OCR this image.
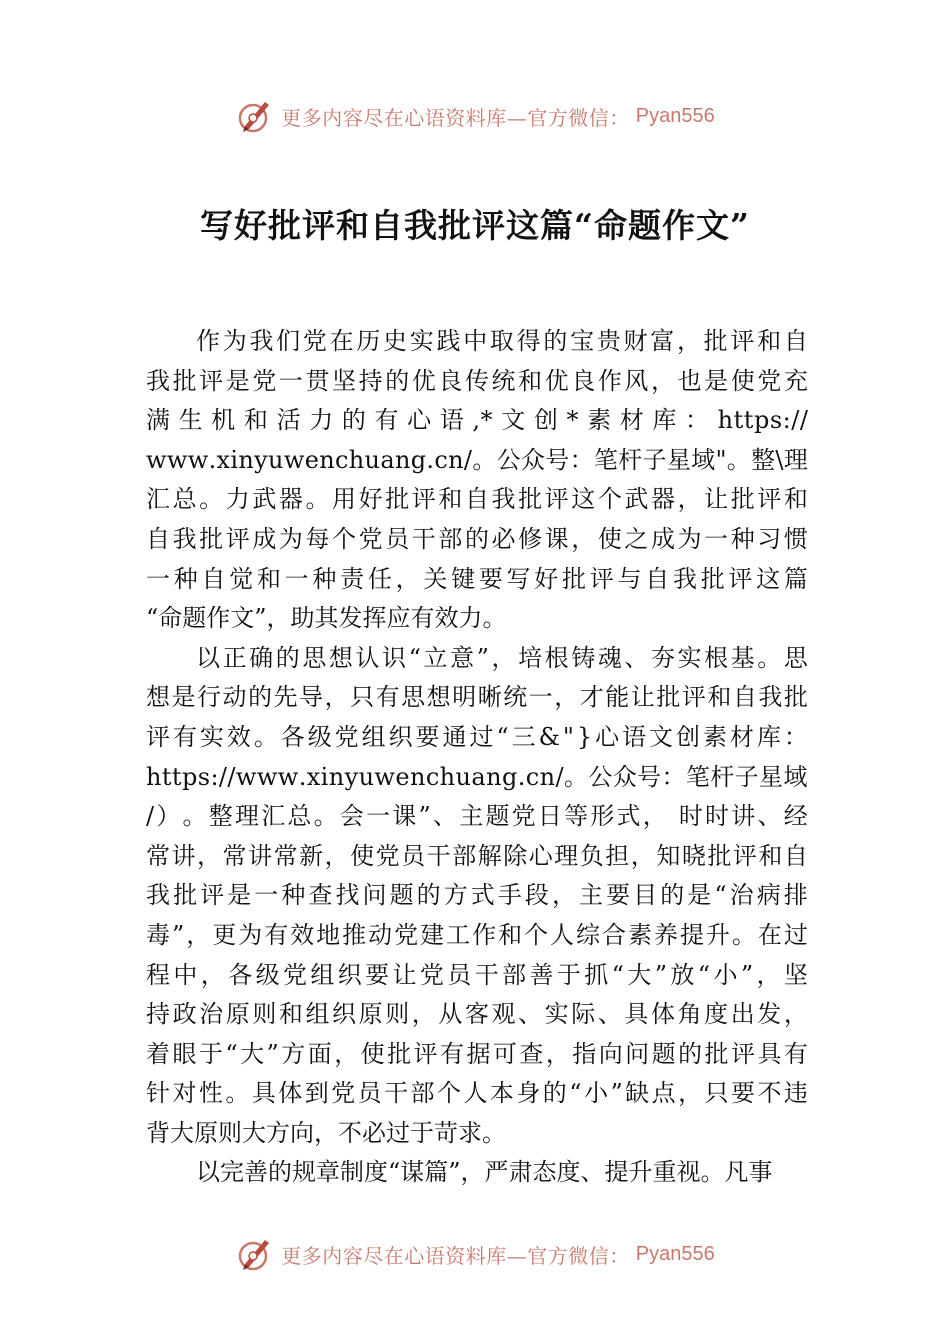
更多内容尽在心语资料库—官方微信： Pyan556
写好批评和自我批评这篇“命题作文”
作 为 我 们 党 在 历 史 实 践 中 取 得 的 宝 贵 财 富 ， 批 评 和 自
我 批 评 是 党 一 贯 坚 持 的 优 良 传 统 和 优 良 作 风 ， 也 是 使 党 充
满
生
机
和
活
力
的
有
心
语
, *
文
创
*
素
材
库
：
h t t p s : / /
w w w . x i n y u w e n c h u a n g . c n / 。 公 众 号 ： 笔 杆 子 星 域 " 。 整 \ 理
汇 总 。 力 武 器 。 用 好 批 评 和 自 我 批 评 这 个 武 器 ， 让 批 评 和
自 我 批 评 成 为 每 个 党 员 干 部 的 必 修 课 ， 使 之 成 为 一 种 习 惯
一 种 自 觉 和 一 种 责 任 ， 关 键 要 写 好 批 评 与 自 我 批 评 这 篇
“命题作文”，助其发挥应有效力。
以 正 确 的 思 想 认 识 “ 立 意 ” ， 培 根 铸 魂 、 夯 实 根 基 。 思
想 是 行 动 的 先 导 ， 只 有 思 想 明 晰 统 一 ， 才 能 让 批 评 和 自 我 批
评 有 实 效 。 各 级 党 组 织 要 通 过 “ 三 & " } 心 语 文 创 素 材 库 ：
h t t p s : / / w w w . x i n y u w e n c h u a n g . c n / 。 公 众 号 ： 笔 杆 子 星 域
/ ） 。 整 理 汇 总 。 会 一 课 ” 、 主 题 党 日 等 形 式 ，
时 时 讲 、 经
常 讲 ， 常 讲 常 新 ， 使 党 员 干 部 解 除 心 理 负 担 ， 知 晓 批 评 和 自
我 批 评 是 一 种 查 找 问 题 的 方 式 手 段 ， 主 要 目 的 是 “ 治 病 排
毒 ” ， 更 为 有 效 地 推 动 党 建 工 作 和 个 人 综 合 素 养 提 升 。 在 过
程 中 ， 各 级 党 组 织 要 让 党 员 干 部 善 于 抓 “ 大 ” 放 “ 小 ” ， 坚
持 政 治 原 则 和 组 织 原 则 ， 从 客 观 、 实 际 、 具 体 角 度 出 发 ，
着 眼 于 “ 大 ” 方 面 ， 使 批 评 有 据 可 查 ， 指 向 问 题 的 批 评 具 有
针 对 性 。 具 体 到 党 员 干 部 个 人 本 身 的 “ 小 ” 缺 点 ， 只 要 不 违
背大原则大方向，不必过于苛求。
以完善的规章制度“谋篇”，严肃态度、提升重视。凡事
更多内容尽在心语资料库—官方微信： Pyan556
